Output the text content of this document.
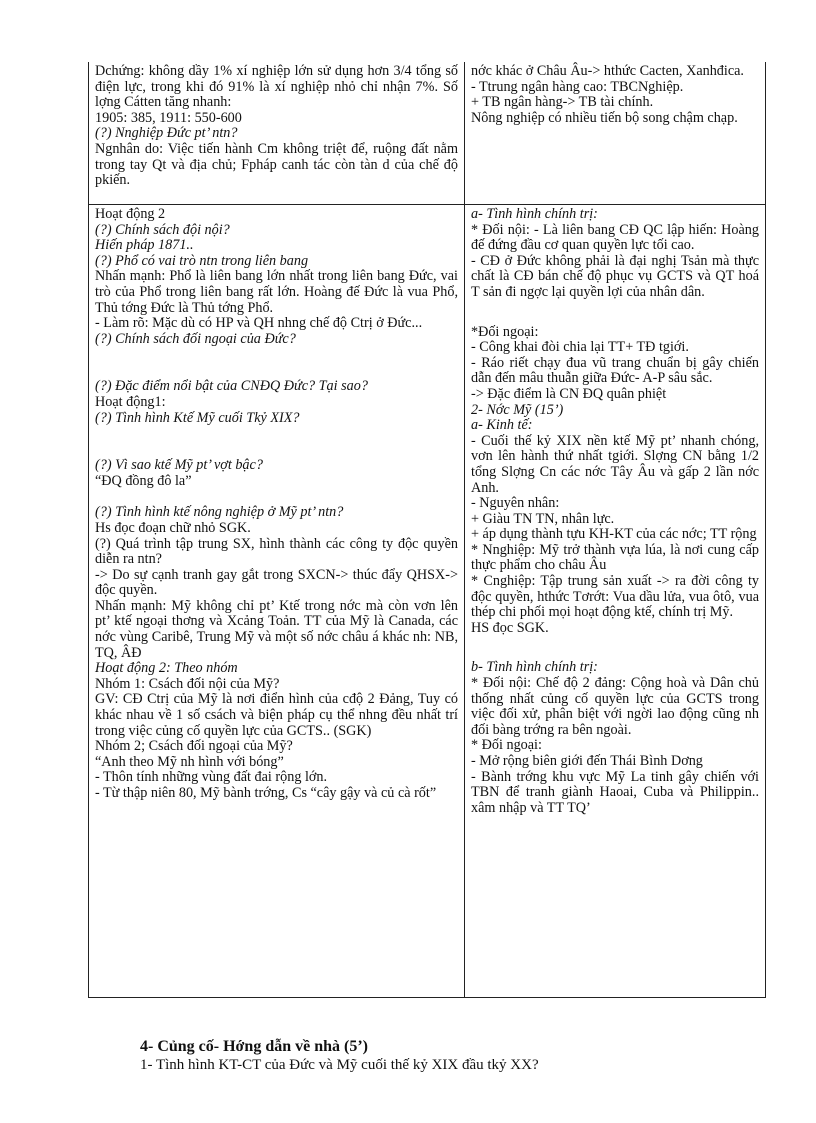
Dchứng: không dầy 1% xí nghiệp lớn sử dụng hơn 3/4 tổng số điện lực, trong khi đó 91% là xí nghiệp nhỏ chỉ nhận 7%. Số lợng Cátten tăng nhanh:

1905: 385, 1911: 550-600

(?) Nnghiệp Đức pt’ ntn?

Ngnhân do: Việc tiến hành Cm không triệt để, ruộng đất nằm trong tay Qt và địa chủ; Fpháp canh tác còn tàn d của chế độ pkiến.

nớc khác ở Châu Âu-> hthức Cacten, Xanhđica.

- Ttrung ngân hàng cao: TBCNghiệp.

+ TB ngân hàng-> TB tài chính.

Nông nghiệp có nhiều tiến bộ song chậm chạp.

Hoạt động 2

(?) Chính sách đội nội?

Hiến pháp 1871..

(?) Phổ có vai trò ntn trong liên bang

Nhấn mạnh: Phổ là liên bang lớn nhất trong liên bang Đức, vai trò của Phổ trong liên bang rất lớn. Hoàng đế Đức là vua Phổ, Thủ tớng Đức là Thủ tớng Phổ.

- Làm rõ: Mặc dù có HP và QH nhng chế độ Ctrị ở Đức...

(?) Chính sách đối ngoại của Đức?

(?) Đặc điểm nổi bật của CNĐQ Đức? Tại sao?

Hoạt động1:

(?) Tình hình Ktế Mỹ cuối Tkỷ XIX?

(?) Vì sao ktế Mỹ pt’ vợt bậc?

“ĐQ đồng đô la”

(?) Tình hình ktế nông nghiệp ở Mỹ pt’ ntn?

Hs đọc đoạn chữ nhỏ SGK.

(?) Quá trình tập trung SX, hình thành các công ty độc quyền diễn ra ntn?

-> Do sự cạnh tranh gay gắt trong SXCN-> thúc đẩy QHSX-> độc quyền.

Nhấn mạnh: Mỹ không chỉ pt’ Ktế trong nớc mà còn vơn lên pt’ ktế ngoại thơng và Xcảng Toản. TT của Mỹ là Canada, các nớc vùng Caribê, Trung Mỹ và một số nớc châu á khác nh: NB, TQ, ÂĐ

Hoạt động 2: Theo nhóm

Nhóm 1: Csách đối nội của Mỹ?

GV: CĐ Ctrị của Mỹ là nơi điển hình của cđộ 2 Đảng, Tuy có khác nhau về 1 số csách và biện pháp cụ thể nhng đều nhất trí trong việc củng cố quyền lực của GCTS.. (SGK)

Nhóm 2; Csách đối ngoại của Mỹ?

“Anh theo Mỹ nh hình với bóng”

- Thôn tính những vùng đất đai rộng lớn.

- Từ thập niên 80, Mỹ bành trớng, Cs “cây gậy và củ cà rốt”

a- Tình hình chính trị:

* Đối nội: - Là liên bang CĐ QC lập hiến: Hoàng đế đứng đầu cơ quan quyền lực tối cao.

- CĐ ở Đức không phải là đại nghị Tsản mà thực chất là CĐ bán chế độ phục vụ GCTS và QT hoá T sản đi ngợc lại quyền lợi của nhân dân.

*Đối ngoại:

- Công khai đòi chia lại TT+ TĐ tgiới.

- Ráo riết chạy đua vũ trang chuẩn bị gây chiến dẫn đến mâu thuẫn giữa Đức- A-P sâu sắc.

-> Đặc điểm là CN ĐQ quân phiệt

2- Nớc Mỹ (15’)

a- Kinh tế:

- Cuối thế kỷ XIX nền ktế Mỹ pt’ nhanh chóng, vơn lên hành thứ nhất tgiới. Slợng CN bằng 1/2 tổng Slợng Cn các nớc Tây Âu và gấp 2 lần nớc Anh.

- Nguyên nhân:

+ Giàu TN TN, nhân lực.

+ áp dụng thành tựu KH-KT của các nớc; TT rộng

* Nnghiệp: Mỹ trở thành vựa lúa, là nơi cung cấp thực phẩm cho châu Âu

* Cnghiệp: Tập trung sản xuất -> ra đời công ty độc quyền, hthức Tơrớt: Vua dầu lửa, vua ôtô, vua thép chi phối mọi hoạt động ktế, chính trị Mỹ.

HS đọc SGK.

b- Tình hình chính trị:

* Đối nội: Chế độ 2 đảng: Cộng hoà và Dân chủ thống nhất củng cố quyền lực của GCTS trong việc đối xử, phân biệt với ngời lao động cũng nh đối bàng trớng ra bên ngoài.

* Đối ngoại:

- Mở rộng biên giới đến Thái Bình Dơng

- Bành trớng khu vực Mỹ La tinh gây chiến với TBN để tranh giành Haoai, Cuba và Philippin.. xâm nhập và TT TQ’

4- Củng cố- Hớng dẫn về nhà (5’)
1- Tình hình KT-CT của Đức và Mỹ cuối thế kỷ XIX đầu tkỷ XX?
